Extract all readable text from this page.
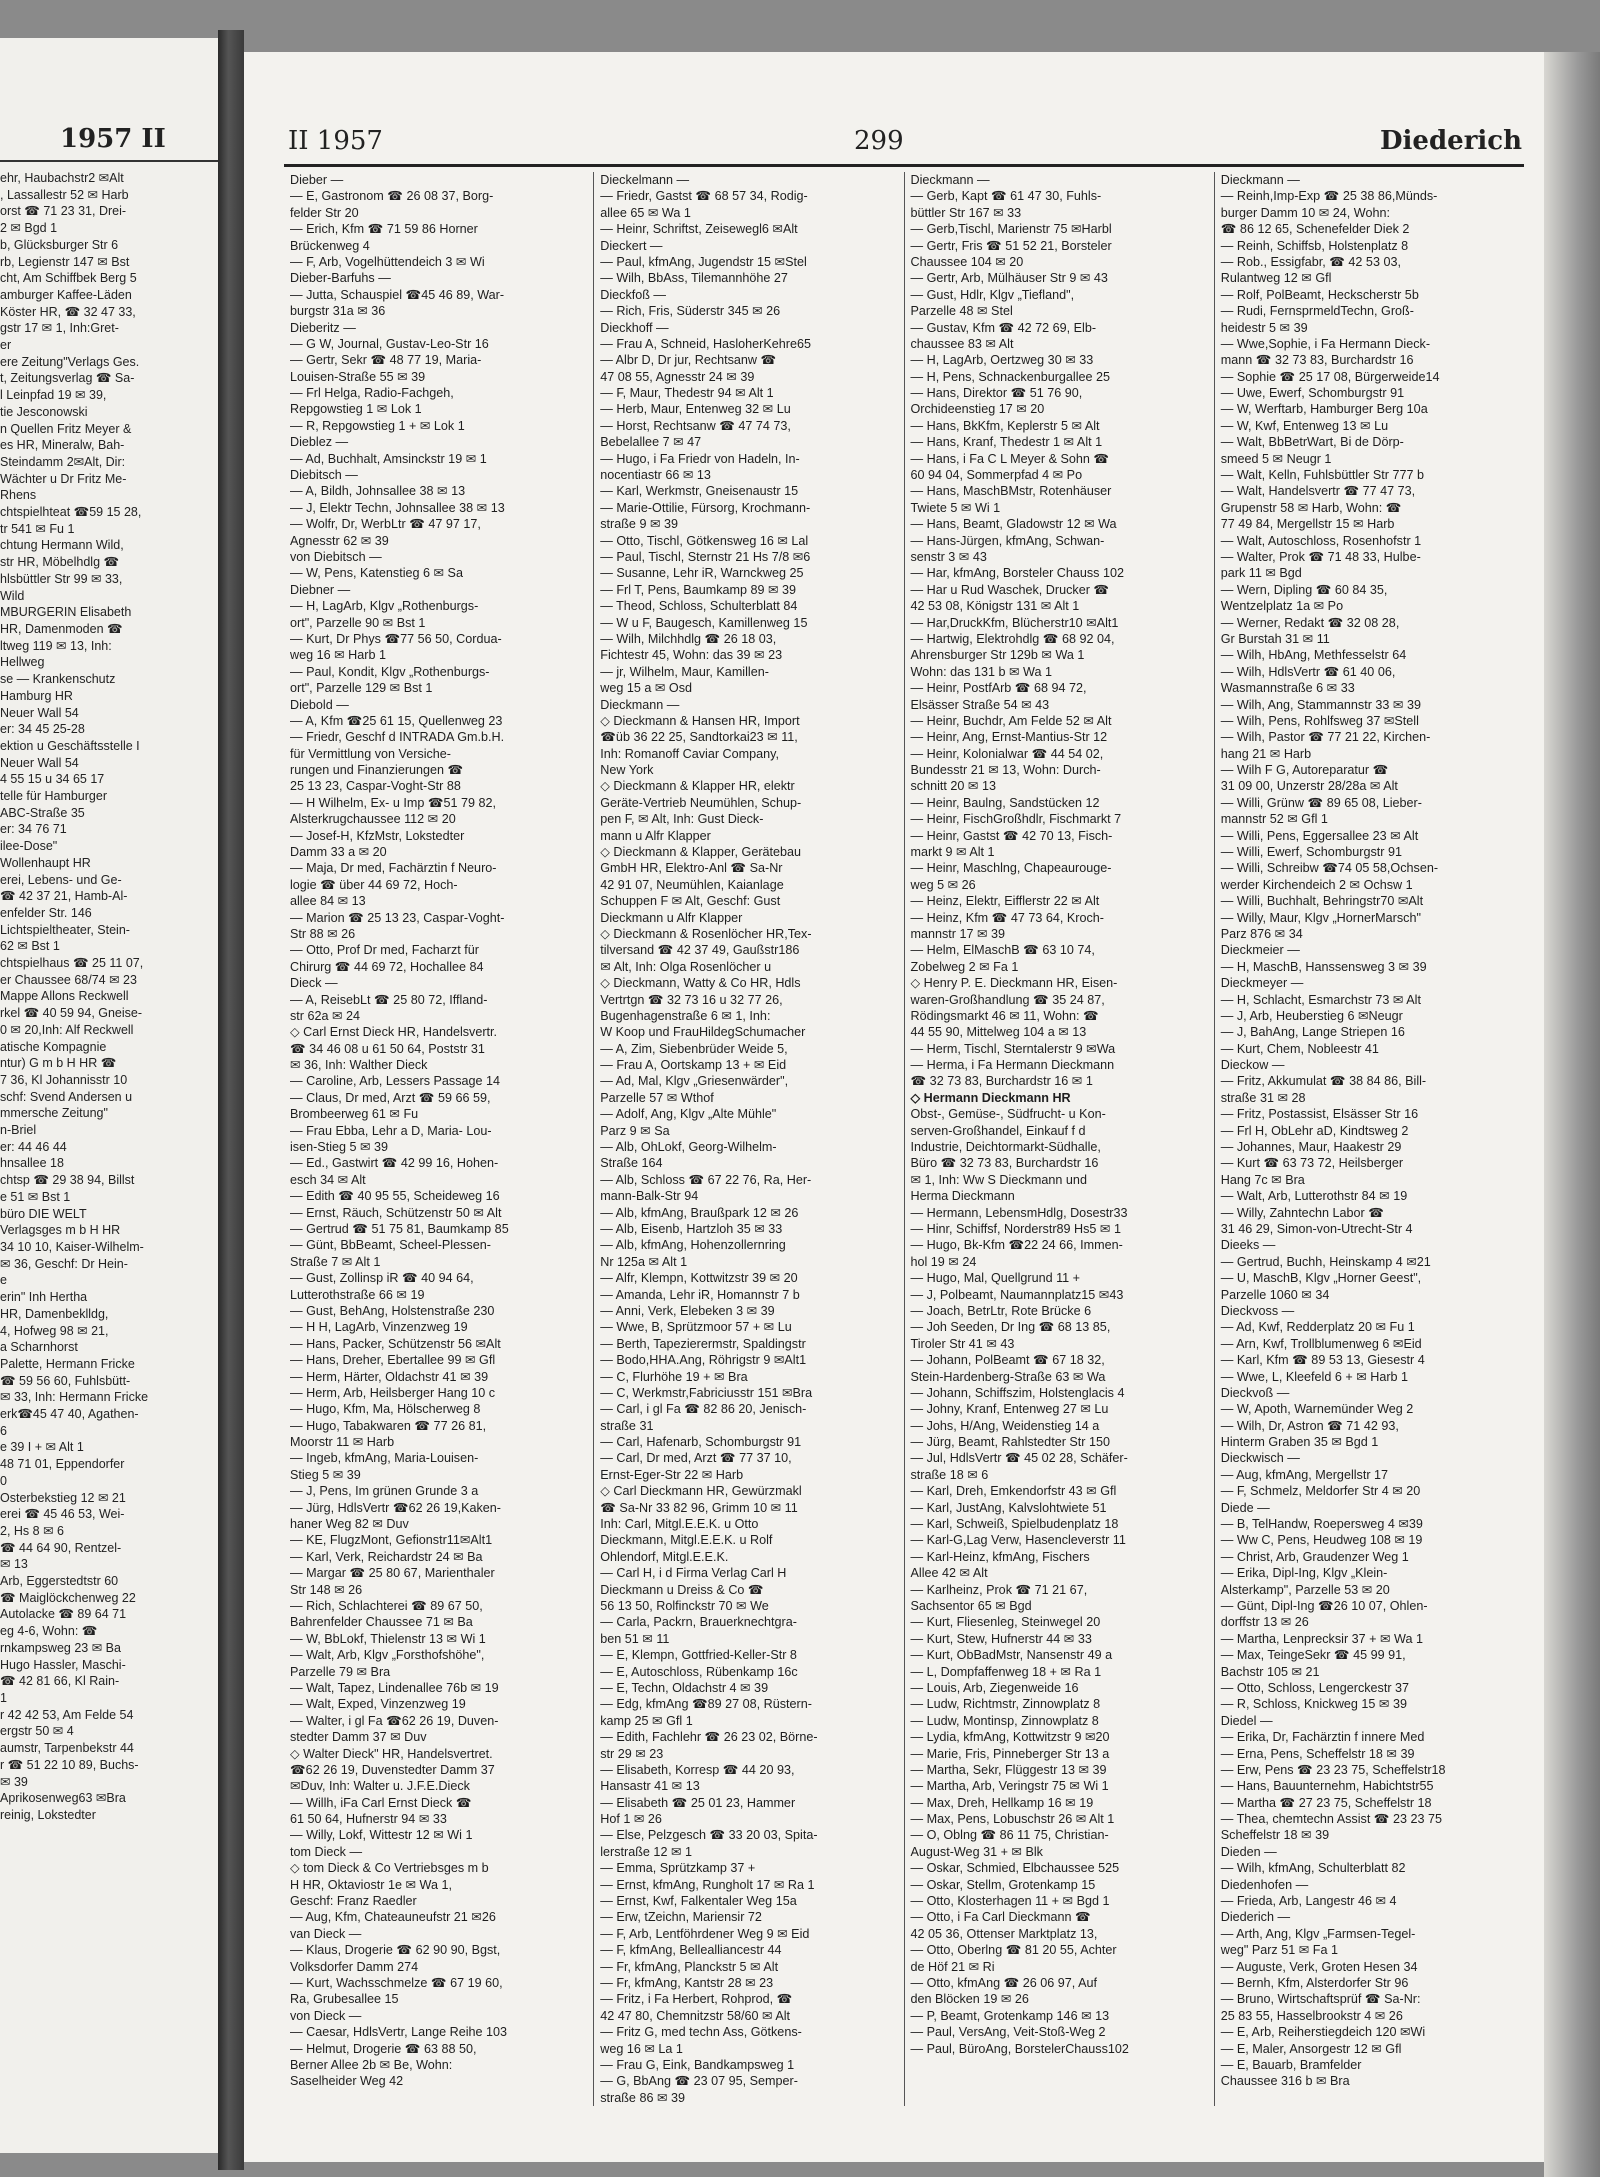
1957 II
ehr, Haubachstr2 ✉Alt
, Lassallestr 52 ✉ Harb
orst ☎ 71 23 31, Drei-
2 ✉ Bgd 1
b, Glücksburger Str 6
rb, Legienstr 147 ✉ Bst
cht, Am Schiffbek Berg 5
amburger Kaffee-Läden
Köster HR, ☎ 32 47 33,
gstr 17 ✉ 1, Inh:Gret-
er
ere Zeitung"Verlags Ges.
t, Zeitungsverlag ☎ Sa-
l Leinpfad 19 ✉ 39,
tie Jesconowski
n Quellen Fritz Meyer &
es HR, Mineralw, Bah-
Steindamm 2✉Alt, Dir:
Wächter u Dr Fritz Me-
Rhens
chtspielhteat ☎59 15 28,
tr 541 ✉ Fu 1
chtung Hermann Wild,
str HR, Möbelhdlg ☎
hlsbüttler Str 99 ✉ 33,
Wild
MBURGERIN Elisabeth
HR, Damenmoden ☎
ltweg 119 ✉ 13, Inh:
Hellweg
se — Krankenschutz
Hamburg HR
Neuer Wall 54
er: 34 45 25-28
ektion u Geschäftsstelle I
Neuer Wall 54
4 55 15 u 34 65 17
telle für Hamburger
ABC-Straße 35
er: 34 76 71
ilee-Dose"
Wollenhaupt HR
erei, Lebens- und Ge-
☎ 42 37 21, Hamb-Al-
enfelder Str. 146
Lichtspieltheater, Stein-
62 ✉ Bst 1
chtspielhaus ☎ 25 11 07,
er Chaussee 68/74 ✉ 23
Mappe Allons Reckwell
rkel ☎ 40 59 94, Gneise-
0 ✉ 20,Inh: Alf Reckwell
atische Kompagnie
ntur) G m b H HR ☎
7 36, Kl Johannisstr 10
schf: Svend Andersen u
mmersche Zeitung"
n-Briel
er: 44 46 44
hnsallee 18
chtsp ☎ 29 38 94, Billst
e 51 ✉ Bst 1
büro DIE WELT
Verlagsges m b H HR
34 10 10, Kaiser-Wilhelm-
✉ 36, Geschf: Dr Hein-
e
erin" Inh Hertha
HR, Damenbeklldg,
4, Hofweg 98 ✉ 21,
a Scharnhorst
Palette, Hermann Fricke
☎ 59 56 60, Fuhlsbütt-
✉ 33, Inh: Hermann Fricke
erk☎45 47 40, Agathen-
6
e 39 I + ✉ Alt 1
48 71 01, Eppendorfer
0
Osterbekstieg 12 ✉ 21
erei ☎ 45 46 53, Wei-
2, Hs 8 ✉ 6
☎ 44 64 90, Rentzel-
✉ 13
Arb, Eggerstedtstr 60
☎ Maiglöckchenweg 22
Autolacke ☎ 89 64 71
eg 4-6, Wohn: ☎
rnkampsweg 23 ✉ Ba
Hugo Hassler, Maschi-
☎ 42 81 66, Kl Rain-
1
r 42 42 53, Am Felde 54
ergstr 50 ✉ 4
aumstr, Tarpenbekstr 44
r ☎ 51 22 10 89, Buchs-
✉ 39
Aprikosenweg63 ✉Bra
reinig, Lokstedter
II 1957	299	Diederich
Dieber —
— E, Gastronom ☎ 26 08 37, Borg-
felder Str 20
— Erich, Kfm ☎ 71 59 86 Horner
Brückenweg 4
— F, Arb, Vogelhüttendeich 3 ✉ Wi
Dieber-Barfuhs —
— Jutta, Schauspiel ☎45 46 89, War-
burgstr 31a ✉ 36
Dieberitz —
— G W, Journal, Gustav-Leo-Str 16
— Gertr, Sekr ☎ 48 77 19, Maria-
Louisen-Straße 55 ✉ 39
— Frl Helga, Radio-Fachgeh,
Repgowstieg 1 ✉ Lok 1
— R, Repgowstieg 1 + ✉ Lok 1
Dieblez —
— Ad, Buchhalt, Amsinckstr 19 ✉ 1
Diebitsch —
— A, Bildh, Johnsallee 38 ✉ 13
— J, Elektr Techn, Johnsallee 38 ✉ 13
— Wolfr, Dr, WerbLtr ☎ 47 97 17,
Agnesstr 62 ✉ 39
von Diebitsch —
— W, Pens, Katenstieg 6 ✉ Sa
Diebner —
— H, LagArb, Klgv „Rothenburgs-
ort", Parzelle 90 ✉ Bst 1
— Kurt, Dr Phys ☎77 56 50, Corduа-
weg 16 ✉ Harb 1
— Paul, Kondit, Klgv „Rothenburgs-
ort", Parzelle 129 ✉ Bst 1
Diebold —
— A, Kfm ☎25 61 15, Quellenweg 23
— Friedr, Geschf d INTRADA Gm.b.H.
für Vermittlung von Versiche-
rungen und Finanzierungen ☎
25 13 23, Caspar-Voght-Str 88
— H Wilhelm, Ex- u Imp ☎51 79 82,
Alsterkrugchaussee 112 ✉ 20
— Josef-H, KfzMstr, Lokstedter
Damm 33 a ✉ 20
— Maja, Dr med, Fachärztin f Neuro-
logie ☎ über 44 69 72, Hoch-
allee 84 ✉ 13
— Marion ☎ 25 13 23, Caspar-Voght-
Str 88 ✉ 26
— Otto, Prof Dr med, Facharzt für
Chirurg ☎ 44 69 72, Hochallee 84
Dieck —
— A, ReisebLt ☎ 25 80 72, Iffland-
str 62a ✉ 24
◇ Carl Ernst Dieck HR, Handelsvertr.
☎ 34 46 08 u 61 50 64, Poststr 31
✉ 36, Inh: Walther Dieck
— Caroline, Arb, Lessers Passage 14
— Claus, Dr med, Arzt ☎ 59 66 59,
Brombeerweg 61 ✉ Fu
— Frau Ebba, Lehr a D, Maria- Lou-
isen-Stieg 5 ✉ 39
— Ed., Gastwirt ☎ 42 99 16, Hohen-
esch 34 ✉ Alt
— Edith ☎ 40 95 55, Scheideweg 16
— Ernst, Räuch, Schützenstr 50 ✉ Alt
— Gertrud ☎ 51 75 81, Baumkamp 85
— Günt, BbBeamt, Scheel-Plessen-
Straße 7 ✉ Alt 1
— Gust, Zollinsp iR ☎ 40 94 64,
Lutterothstraße 66 ✉ 19
— Gust, BehAng, Holstenstraße 230
— H H, LagArb, Vinzenzweg 19
— Hans, Packer, Schützenstr 56 ✉Alt
— Hans, Dreher, Ebertallee 99 ✉ Gfl
— Herm, Härter, Oldachstr 41 ✉ 39
— Herm, Arb, Heilsberger Hang 10 c
— Hugo, Kfm, Ma, Hölscherweg 8
— Hugo, Tabakwaren ☎ 77 26 81,
Moorstr 11 ✉ Harb
— Ingeb, kfmAng, Maria-Louisen-
Stieg 5 ✉ 39
— J, Pens, Im grünen Grunde 3 a
— Jürg, HdlsVertr ☎62 26 19,Kaken-
haner Weg 82 ✉ Duv
— KE, FlugzMont, Gefionstr11✉Alt1
— Karl, Verk, Reichardstr 24 ✉ Ba
— Margar ☎ 25 80 67, Marienthaler
Str 148 ✉ 26
— Rich, Schlachterei ☎ 89 67 50,
Bahrenfelder Chaussee 71 ✉ Ba
— W, BbLokf, Thielenstr 13 ✉ Wi 1
— Walt, Arb, Klgv „Forsthofshöhe",
Parzelle 79 ✉ Bra
— Walt, Tapez, Lindenallee 76b ✉ 19
— Walt, Exped, Vinzenzweg 19
— Walter, i gl Fa ☎62 26 19, Duven-
stedter Damm 37 ✉ Duv
◇ Walter Dieck" HR, Handelsvertret.
☎62 26 19, Duvenstedter Damm 37
✉Duv, Inh: Walter u. J.F.E.Dieck
— Willh, iFa Carl Ernst Dieck ☎
61 50 64, Hufnerstr 94 ✉ 33
— Willy, Lokf, Wittestr 12 ✉ Wi 1
tom Dieck —
◇ tom Dieck & Co Vertriebsges m b
H HR, Oktaviostr 1e ✉ Wa 1,
Geschf: Franz Raedler
— Aug, Kfm, Chateaunеufstr 21 ✉26
van Dieck —
— Klaus, Drogerie ☎ 62 90 90, Bgst,
Volksdorfer Damm 274
— Kurt, Wachsschmelze ☎ 67 19 60,
Ra, Grubesallee 15
von Dieck —
— Caesar, HdlsVertr, Lange Reihe 103
— Helmut, Drogerie ☎ 63 88 50,
Berner Allee 2b ✉ Be, Wohn:
Saselheider Weg 42
Dieckelmann —
— Friedr, Gastst ☎ 68 57 34, Rodig-
allee 65 ✉ Wa 1
— Heinr, Schriftst, Zeisewegl6 ✉Alt
Dieckert —
— Paul, kfmAng, Jugendstr 15 ✉Stel
— Wilh, BbAss, Tilemannhöhe 27
Dieckfoß —
— Rich, Fris, Süderstr 345 ✉ 26
Dieckhoff —
— Frau A, Schneid, HasloherKehre65
— Albr D, Dr jur, Rechtsanw ☎
47 08 55, Agnesstr 24 ✉ 39
— F, Maur, Thedestr 94 ✉ Alt 1
— Herb, Maur, Entenweg 32 ✉ Lu
— Horst, Rechtsanw ☎ 47 74 73,
Bebelallee 7 ✉ 47
— Hugo, i Fa Friedr von Hadeln, In-
nocentiastr 66 ✉ 13
— Karl, Werkmstr, Gneisenaustr 15
— Marie-Ottilie, Fürsorg, Krochmann-
straße 9 ✉ 39
— Otto, Tischl, Götkensweg 16 ✉ Lal
— Paul, Tischl, Sternstr 21 Hs 7/8 ✉6
— Susanne, Lehr iR, Warnckweg 25
— Frl T, Pens, Baumkamp 89 ✉ 39
— Theod, Schloss, Schulterblatt 84
— W u F, Baugesch, Kamillenweg 15
— Wilh, Milchhdlg ☎ 26 18 03,
Fichtestr 45, Wohn: das 39 ✉ 23
— jr, Wilhelm, Maur, Kamillen-
weg 15 a ✉ Osd
Dieckmann —
◇ Dieckmann & Hansen HR, Import
☎üb 36 22 25, Sandtorkai23 ✉ 11,
Inh: Romanoff Caviar Company,
New York
◇ Dieckmann & Klapper HR, elektr
Geräte-Vertrieb Neumühlen, Schup-
pen F, ✉ Alt, Inh: Gust Dieck-
mann u Alfr Klapper
◇ Dieckmann & Klapper, Gerätebau
GmbH HR, Elektro-Anl ☎ Sa-Nr
42 91 07, Neumühlen, Kaianlage
Schuppen F ✉ Alt, Geschf: Gust
Dieckmann u Alfr Klapper
◇ Dieckmann & Rosenlöcher HR,Tex-
tilversand ☎ 42 37 49, Gaußstr186
✉ Alt, Inh: Olga Rosenlöcher u
◇ Dieckmann, Watty & Co HR, Hdls
Vertrtgn ☎ 32 73 16 u 32 77 26,
Bugenhagenstraße 6 ✉ 1, Inh:
W Koop und FrauHildegSchumacher
— A, Zim, Siebenbrüder Weide 5,
— Frau A, Oortskamp 13 + ✉ Eid
— Ad, Mal, Klgv „Griesenwärder",
Parzelle 57 ✉ Wthof
— Adolf, Ang, Klgv „Alte Mühle"
Parz 9 ✉ Sa
— Alb, OhLokf, Georg-Wilhelm-
Straße 164
— Alb, Schloss ☎ 67 22 76, Ra, Her-
mann-Balk-Str 94
— Alb, kfmAng, Braußpark 12 ✉ 26
— Alb, Eisenb, Hartzloh 35 ✉ 33
— Alb, kfmAng, Hohenzollernring
Nr 125a ✉ Alt 1
— Alfr, Klempn, Kottwitzstr 39 ✉ 20
— Amanda, Lehr iR, Homannstr 7 b
— Anni, Verk, Elebeken 3 ✉ 39
— Wwe, B, Sprützmoor 57 + ✉ Lu
— Berth, Tapezierermstr, Spaldingstr
— Bodo,HHA.Ang, Röhrigstr 9 ✉Alt1
— C, Flurhöhe 19 + ✉ Bra
— C, Werkmstr,Fabriciusstr 151 ✉Bra
— Carl, i gl Fa ☎ 82 86 20, Jenisch-
straße 31
— Carl, Hafenarb, Schomburgstr 91
— Carl, Dr med, Arzt ☎ 77 37 10,
Ernst-Eger-Str 22 ✉ Harb
◇ Carl Dieckmann HR, Gewürzmakl
☎ Sa-Nr 33 82 96, Grimm 10 ✉ 11
Inh: Carl, Mitgl.E.E.K. u Otto
Dieckmann, Mitgl.E.E.K. u Rolf
Ohlendorf, Mitgl.E.E.K.
— Carl H, i d Firma Verlag Carl H
Dieckmann u Dreiss & Co ☎
56 13 50, Rolfinckstr 70 ✉ We
— Carla, Packrn, Brauerknechtgra-
ben 51 ✉ 11
— E, Klempn, Gottfried-Keller-Str 8
— E, Autoschloss, Rübenkamp 16c
— E, Techn, Oldachstr 4 ✉ 39
— Edg, kfmAng ☎89 27 08, Rüstern-
kamp 25 ✉ Gfl 1
— Edith, Fachlehr ☎ 26 23 02, Börne-
str 29 ✉ 23
— Elisabeth, Korresp ☎ 44 20 93,
Hansastr 41 ✉ 13
— Elisabeth ☎ 25 01 23, Hammer
Hof 1 ✉ 26
— Else, Pelzgesch ☎ 33 20 03, Spita-
lerstraße 12 ✉ 1
— Emma, Sprützkamp 37 +
— Ernst, kfmAng, Rungholt 17 ✉ Ra 1
— Ernst, Kwf, Falkentaler Weg 15a
— Erw, tZeichn, Mariensir 72
— F, Arb, Lentföhrdener Weg 9 ✉ Eid
— F, kfmAng, Bellealliancestr 44
— Fr, kfmAng, Planckstr 5 ✉ Alt
— Fr, kfmAng, Kantstr 28 ✉ 23
— Fritz, i Fa Herbert, Rohprod, ☎
42 47 80, Chemnitzstr 58/60 ✉ Alt
— Fritz G, med techn Ass, Götkens-
weg 16 ✉ La 1
— Frau G, Eink, Bandkampsweg 1
— G, BbAng ☎ 23 07 95, Semper-
straße 86 ✉ 39
Dieckmann —
— Gerb, Kapt ☎ 61 47 30, Fuhls-
büttler Str 167 ✉ 33
— Gerb,Tischl, Marienstr 75 ✉Harbl
— Gertr, Fris ☎ 51 52 21, Borsteler
Chaussee 104 ✉ 20
— Gertr, Arb, Mülhäuser Str 9 ✉ 43
— Gust, Hdlr, Klgv „Tiefland",
Parzelle 48 ✉ Stel
— Gustav, Kfm ☎ 42 72 69, Elb-
chaussee 83 ✉ Alt
— H, LagArb, Oertzweg 30 ✉ 33
— H, Pens, Schnackenburgallee 25
— Hans, Direktor ☎ 51 76 90,
Orchideenstieg 17 ✉ 20
— Hans, BkKfm, Keplerstr 5 ✉ Alt
— Hans, Kranf, Thedestr 1 ✉ Alt 1
— Hans, i Fa C L Meyer & Sohn ☎
60 94 04, Sommerpfad 4 ✉ Po
— Hans, MaschBMstr, Rotenhäuser
Twiete 5 ✉ Wi 1
— Hans, Beamt, Gladowstr 12 ✉ Wa
— Hans-Jürgen, kfmAng, Schwan-
senstr 3 ✉ 43
— Har, kfmAng, Borsteler Chauss 102
— Har u Rud Waschek, Drucker ☎
42 53 08, Königstr 131 ✉ Alt 1
— Har,DruckKfm, Blücherstr10 ✉Alt1
— Hartwig, Elektrohdlg ☎ 68 92 04,
Ahrensburger Str 129b ✉ Wa 1
Wohn: das 131 b ✉ Wa 1
— Heinr, PostfArb ☎ 68 94 72,
Elsässer Straße 54 ✉ 43
— Heinr, Buchdr, Am Felde 52 ✉ Alt
— Heinr, Ang, Ernst-Mantius-Str 12
— Heinr, Kolonialwar ☎ 44 54 02,
Bundesstr 21 ✉ 13, Wohn: Durch-
schnitt 20 ✉ 13
— Heinr, Baulng, Sandstücken 12
— Heinr, FischGroßhdlr, Fischmarkt 7
— Heinr, Gastst ☎ 42 70 13, Fisch-
markt 9 ✉ Alt 1
— Heinr, Maschlng, Chapeaurouge-
weg 5 ✉ 26
— Heinz, Elektr, Eifflerstr 22 ✉ Alt
— Heinz, Kfm ☎ 47 73 64, Kroch-
mannstr 17 ✉ 39
— Helm, ElMaschB ☎ 63 10 74,
Zobelweg 2 ✉ Fa 1
◇ Henry P. E. Dieckmann HR, Eisen-
waren-Großhandlung ☎ 35 24 87,
Rödingsmarkt 46 ✉ 11, Wohn: ☎
44 55 90, Mittelweg 104 a ✉ 13
— Herm, Tischl, Sterntalerstr 9 ✉Wa
— Herma, i Fa Hermann Dieckmann
☎ 32 73 83, Burchardstr 16 ✉ 1
◇ Hermann Dieckmann HR
Obst-, Gemüse-, Südfrucht- u Kon-
serven-Großhandel, Einkauf f d
Industrie, Deichtormarkt-Südhalle,
Büro ☎ 32 73 83, Burchardstr 16
✉ 1, Inh: Ww S Dieckmann und
Herma Dieckmann
— Hermann, LebensmHdlg, Dosestr33
— Hinr, Schiffsf, Norderstr89 Hs5 ✉ 1
— Hugo, Bk-Kfm ☎22 24 66, Immen-
hol 19 ✉ 24
— Hugo, Mal, Quellgrund 11 +
— J, Polbeamt, Naumannplatz15 ✉43
— Joach, BetrLtr, Rote Brücke 6
— Joh Seeden, Dr Ing ☎ 68 13 85,
Tiroler Str 41 ✉ 43
— Johann, PolBeamt ☎ 67 18 32,
Stein-Hardenberg-Straße 63 ✉ Wa
— Johann, Schiffszim, Holstenglacis 4
— Johny, Kranf, Entenweg 27 ✉ Lu
— Johs, H/Ang, Weidenstieg 14 a
— Jürg, Beamt, Rahlstedter Str 150
— Jul, HdlsVertr ☎ 45 02 28, Schäfer-
straße 18 ✉ 6
— Karl, Dreh, Emkendorfstr 43 ✉ Gfl
— Karl, JustAng, Kalvslohtwiete 51
— Karl, Schweiß, Spielbudenplatz 18
— Karl-G,Lag Verw, Hasencleverstr 11
— Karl-Heinz, kfmAng, Fischers
Allee 42 ✉ Alt
— Karlheinz, Prok ☎ 71 21 67,
Sachsentor 65 ✉ Bgd
— Kurt, Fliesenleg, Steinwegel 20
— Kurt, Stew, Hufnerstr 44 ✉ 33
— Kurt, ObBadMstr, Nansenstr 49 a
— L, Dompfaffenweg 18 + ✉ Ra 1
— Louis, Arb, Ziegenweide 16
— Ludw, Richtmstr, Zinnowplatz 8
— Ludw, Montinsp, Zinnowplatz 8
— Lydia, kfmAng, Kottwitzstr 9 ✉20
— Marie, Fris, Pinneberger Str 13 a
— Martha, Sekr, Flüggestr 13 ✉ 39
— Martha, Arb, Veringstr 75 ✉ Wi 1
— Max, Dreh, Hellkamp 16 ✉ 19
— Max, Pens, Lobuschstr 26 ✉ Alt 1
— O, Oblng ☎ 86 11 75, Christian-
August-Weg 31 + ✉ Blk
— Oskar, Schmied, Elbchaussee 525
— Oskar, Stellm, Grotenkamp 15
— Otto, Klosterhagen 11 + ✉ Bgd 1
— Otto, i Fa Carl Dieckmann ☎
42 05 36, Ottenser Marktplatz 13,
— Otto, Oberlng ☎ 81 20 55, Achter
de Höf 21 ✉ Ri
— Otto, kfmAng ☎ 26 06 97, Auf
den Blöcken 19 ✉ 26
— P, Beamt, Grotenkamp 146 ✉ 13
— Paul, VersAng, Veit-Stoß-Weg 2
— Paul, BüroAng, BorstelerChauss102
Dieckmann —
— Reinh,Imp-Exp ☎ 25 38 86,Münds-
burger Damm 10 ✉ 24, Wohn:
☎ 86 12 65, Schenefelder Diek 2
— Reinh, Schiffsb, Holstenplatz 8
— Rob., Essigfabr, ☎ 42 53 03,
Rulantweg 12 ✉ Gfl
— Rolf, PolBeamt, Heckscherstr 5b
— Rudi, FernsprmeldTechn, Groß-
heidestr 5 ✉ 39
— Wwe,Sophie, i Fa Hermann Dieck-
mann ☎ 32 73 83, Burchardstr 16
— Sophie ☎ 25 17 08, Bürgerweide14
— Uwe, Ewerf, Schomburgstr 91
— W, Werftarb, Hamburger Berg 10a
— W, Kwf, Entenweg 13 ✉ Lu
— Walt, BbBetrWart, Bi de Dörp-
smeed 5 ✉ Neugr 1
— Walt, Kelln, Fuhlsbüttler Str 777 b
— Walt, Handelsvertr ☎ 77 47 73,
Grupenstr 58 ✉ Harb, Wohn: ☎
77 49 84, Mergellstr 15 ✉ Harb
— Walt, Autoschloss, Rosenhofstr 1
— Walter, Prok ☎ 71 48 33, Hulbe-
park 11 ✉ Bgd
— Wern, Dipling ☎ 60 84 35,
Wentzelplatz 1a ✉ Po
— Werner, Redakt ☎ 32 08 28,
Gr Burstah 31 ✉ 11
— Wilh, HbAng, Methfesselstr 64
— Wilh, HdlsVertr ☎ 61 40 06,
Wasmannstraße 6 ✉ 33
— Wilh, Ang, Stammannstr 33 ✉ 39
— Wilh, Pens, Rohlfsweg 37 ✉Stell
— Wilh, Pastor ☎ 77 21 22, Kirchen-
hang 21 ✉ Harb
— Wilh F G, Autoreparatur ☎
31 09 00, Unzerstr 28/28a ✉ Alt
— Willi, Grünw ☎ 89 65 08, Lieber-
mannstr 52 ✉ Gfl 1
— Willi, Pens, Eggersallee 23 ✉ Alt
— Willi, Ewerf, Schomburgstr 91
— Willi, Schreibw ☎74 05 58,Ochsen-
werder Kirchendeich 2 ✉ Ochsw 1
— Willi, Buchhalt, Behringstr70 ✉Alt
— Willy, Maur, Klgv „HornerMarsch"
Parz 876 ✉ 34
Dieckmeier —
— H, MaschB, Hanssensweg 3 ✉ 39
Dieckmeyer —
— H, Schlacht, Esmarchstr 73 ✉ Alt
— J, Arb, Heuberstieg 6 ✉Neugr
— J, BahAng, Lange Striepen 16
— Kurt, Chem, Nobleestr 41
Dieckow —
— Fritz, Akkumulat ☎ 38 84 86, Bill-
straße 31 ✉ 28
— Fritz, Postassist, Elsässer Str 16
— Frl H, ObLehr aD, Kindtsweg 2
— Johannes, Maur, Haakestr 29
— Kurt ☎ 63 73 72, Heilsberger
Hang 7c ✉ Bra
— Walt, Arb, Lutterothstr 84 ✉ 19
— Willy, Zahntechn Labor ☎
31 46 29, Simon-von-Utrecht-Str 4
Dieeks —
— Gertrud, Buchh, Heinskamp 4 ✉21
— U, MaschB, Klgv „Horner Geest",
Parzelle 1060 ✉ 34
Dieckvoss —
— Ad, Kwf, Redderplatz 20 ✉ Fu 1
— Arn, Kwf, Trollblumenweg 6 ✉Eid
— Karl, Kfm ☎ 89 53 13, Giesestr 4
— Wwe, L, Kleefeld 6 + ✉ Harb 1
Dieckvoß —
— W, Apoth, Warnemünder Weg 2
— Wilh, Dr, Astron ☎ 71 42 93,
Hinterm Graben 35 ✉ Bgd 1
Dieckwisch —
— Aug, kfmAng, Mergellstr 17
— F, Schmelz, Meldorfer Str 4 ✉ 20
Diede —
— B, TelHandw, Roepersweg 4 ✉39
— Ww C, Pens, Heudweg 108 ✉ 19
— Christ, Arb, Graudenzer Weg 1
— Erika, Dipl-Ing, Klgv „Klein-
Alsterkamp", Parzelle 53 ✉ 20
— Günt, Dipl-Ing ☎26 10 07, Ohlen-
dorffstr 13 ✉ 26
— Martha, Lenprecksir 37 + ✉ Wa 1
— Max, TeingeSekr ☎ 45 99 91,
Bachstr 105 ✉ 21
— Otto, Schloss, Lengerckestr 37
— R, Schloss, Knickweg 15 ✉ 39
Diedel —
— Erika, Dr, Fachärztin f innere Med
— Erna, Pens, Scheffelstr 18 ✉ 39
— Erw, Pens ☎ 23 23 75, Scheffelstr18
— Hans, Bauunternehm, Habichtstr55
— Martha ☎ 27 23 75, Scheffelstr 18
— Thea, chemtechn Assist ☎ 23 23 75
Scheffelstr 18 ✉ 39
Dieden —
— Wilh, kfmAng, Schulterblatt 82
Diedenhofen —
— Frieda, Arb, Langestr 46 ✉ 4
Diederich —
— Arth, Ang, Klgv „Farmsen-Tegel-
weg" Parz 51 ✉ Fa 1
— Auguste, Verk, Groten Hesen 34
— Bernh, Kfm, Alsterdorfer Str 96
— Bruno, Wirtschaftsprüf ☎ Sa-Nr:
25 83 55, Hasselbrookstr 4 ✉ 26
— E, Arb, Reiherstiegdeich 120 ✉Wi
— E, Maler, Ansorgestr 12 ✉ Gfl
— E, Bauarb, Bramfelder
Chaussee 316 b ✉ Bra
